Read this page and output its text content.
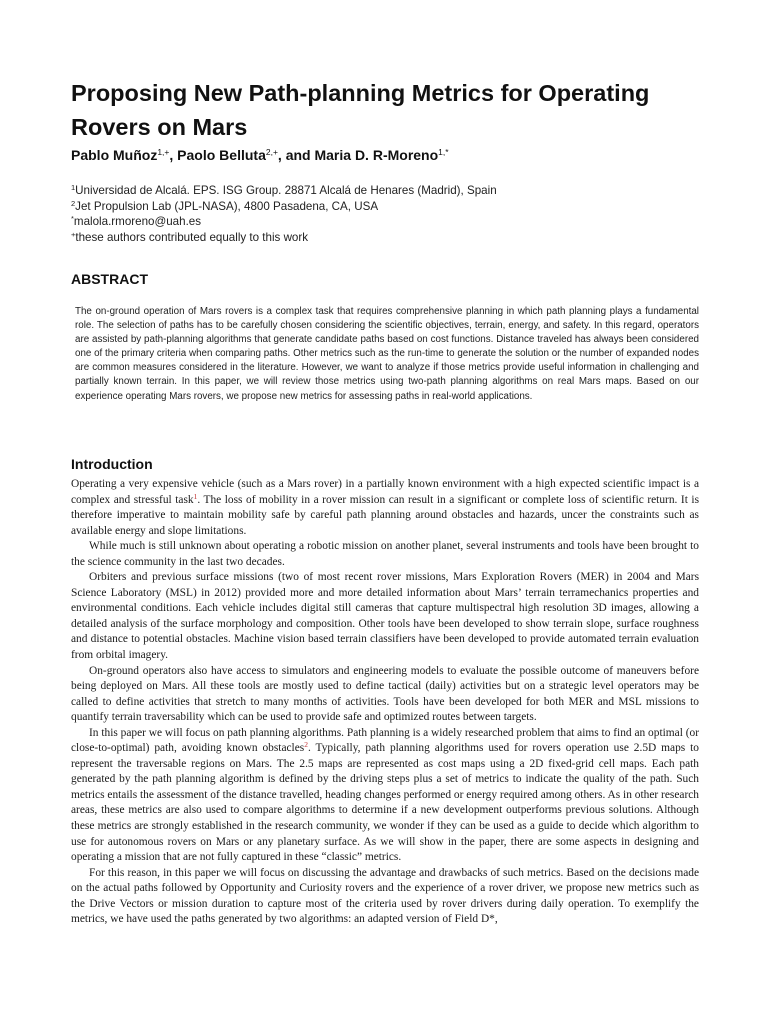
Proposing New Path-planning Metrics for Operating Rovers on Mars
Pablo Muñoz$^{1,+}$, Paolo Belluta$^{2,+}$, and Maria D. R-Moreno$^{1,*}$
$^1$Universidad de Alcalá. EPS. ISG Group. 28871 Alcalá de Henares (Madrid), Spain
$^2$Jet Propulsion Lab (JPL-NASA), 4800 Pasadena, CA, USA
*malola.rmoreno@uah.es
+these authors contributed equally to this work
ABSTRACT

The on-ground operation of Mars rovers is a complex task that requires comprehensive planning in which path planning plays a fundamental role. The selection of paths has to be carefully chosen considering the scientific objectives, terrain, energy, and safety. In this regard, operators are assisted by path-planning algorithms that generate candidate paths based on cost functions. Distance traveled has always been considered one of the primary criteria when comparing paths. Other metrics such as the run-time to generate the solution or the number of expanded nodes are common measures considered in the literature. However, we want to analyze if those metrics provide useful information in challenging and partially known terrain. In this paper, we will review those metrics using two-path planning algorithms on real Mars maps. Based on our experience operating Mars rovers, we propose new metrics for assessing paths in real-world applications.

Introduction

Operating a very expensive vehicle (such as a Mars rover) in a partially known environment with a high expected scientific impact is a complex and stressful task$^1$. The loss of mobility in a rover mission can result in a significant or complete loss of scientific return. It is therefore imperative to maintain mobility safe by careful path planning around obstacles and hazards, uncer the constraints such as available energy and slope limitations.

While much is still unknown about operating a robotic mission on another planet, several instruments and tools have been brought to the science community in the last two decades.

Orbiters and previous surface missions (two of most recent rover missions, Mars Exploration Rovers (MER) in 2004 and Mars Science Laboratory (MSL) in 2012) provided more and more detailed information about Mars’ terrain terramechanics properties and environmental conditions. Each vehicle includes digital still cameras that capture multispectral high resolution 3D images, allowing a detailed analysis of the surface morphology and composition. Other tools have been developed to show terrain slope, surface roughness and distance to potential obstacles. Machine vision based terrain classifiers have been developed to provide automated terrain evaluation from orbital imagery.

On-ground operators also have access to simulators and engineering models to evaluate the possible outcome of maneuvers before being deployed on Mars. All these tools are mostly used to define tactical (daily) activities but on a strategic level operators may be called to define activities that stretch to many months of activities. Tools have been developed for both MER and MSL missions to quantify terrain traversability which can be used to provide safe and optimized routes between targets.

In this paper we will focus on path planning algorithms. Path planning is a widely researched problem that aims to find an optimal (or close-to-optimal) path, avoiding known obstacles$^2$. Typically, path planning algorithms used for rovers operation use 2.5D maps to represent the traversable regions on Mars. The 2.5 maps are represented as cost maps using a 2D fixed-grid cell maps. Each path generated by the path planning algorithm is defined by the driving steps plus a set of metrics to indicate the quality of the path. Such metrics entails the assessment of the distance travelled, heading changes performed or energy required among others. As in other research areas, these metrics are also used to compare algorithms to determine if a new development outperforms previous solutions. Although these metrics are strongly established in the research community, we wonder if they can be used as a guide to decide which algorithm to use for autonomous rovers on Mars or any planetary surface. As we will show in the paper, there are some aspects in designing and operating a mission that are not fully captured in these “classic” metrics.

For this reason, in this paper we will focus on discussing the advantage and drawbacks of such metrics. Based on the decisions made on the actual paths followed by Opportunity and Curiosity rovers and the experience of a rover driver, we propose new metrics such as the Drive Vectors or mission duration to capture most of the criteria used by rover drivers during daily operation. To exemplify the metrics, we have used the paths generated by two algorithms: an adapted version of Field D*,
